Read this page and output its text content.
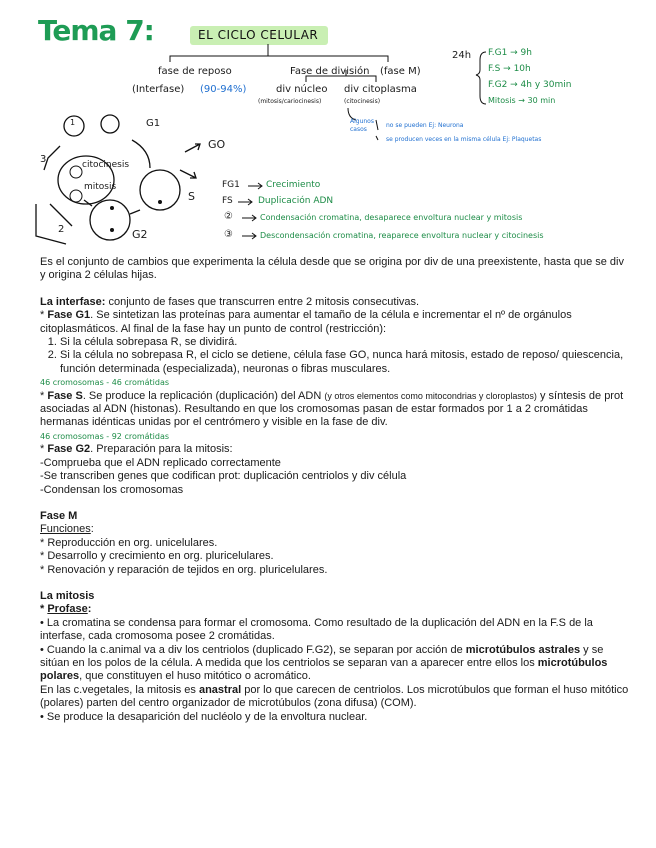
Tema 7:	EL CICLO CELULAR
fase de reposo
(Interfase) (90-94%)
Fase de división (fase M)
div núcleo
(mitosis/cariocinesis)
div citoplasma
(citocinesis)
Algunos casos
no se pueden Ej: Neurona
se producen veces en la misma célula Ej: Plaquetas
24h F.G1 → 9h
F.S → 10h
F.G2 → 4h y 30min
Mitosis → 30 min
G1
GO
S
G2
3
2
1
citocinesis
mitosis	FG1	Crecimiento
FS	Duplicación ADN
②	Condensación cromatina, desaparece envoltura nuclear y mitosis
③	Descondensación cromatina, reaparece envoltura nuclear y citocinesis

Es el conjunto de cambios que experimenta la célula desde que se origina por div de una preexistente, hasta que se div y origina 2 células hijas.

La interfase: conjunto de fases que transcurren entre 2 mitosis consecutivas.

* Fase G1. Se sintetizan las proteínas para aumentar el tamaño de la célula e incrementar el nº de orgánulos citoplasmáticos. Al final de la fase hay un punto de control (restricción):

1. Si la célula sobrepasa R, se dividirá.
2. Si la célula no sobrepasa R, el ciclo se detiene, célula fase GO, nunca hará mitosis, estado de reposo/ quiescencia, función determinada (especializada), neuronas o fibras musculares.

46 cromosomas - 46 cromátidas

* Fase S. Se produce la replicación (duplicación) del ADN (y otros elementos como mitocondrias y cloroplastos) y síntesis de prot asociadas al ADN (histonas). Resultando en que los cromosomas pasan de estar formados por 1 a 2 cromátidas hermanas idénticas unidas por el centrómero y visible en la fase de div.

46 cromosomas - 92 cromátidas

* Fase G2. Preparación para la mitosis:

-Comprueba que el ADN replicado correctamente

-Se transcriben genes que codifican prot: duplicación centriolos y div célula

-Condensan los cromosomas

Fase M

Funciones:

* Reproducción en org. unicelulares.

* Desarrollo y crecimiento en org. pluricelulares.

* Renovación y reparación de tejidos en org. pluricelulares.

La mitosis

* Profase:

• La cromatina se condensa para formar el cromosoma. Como resultado de la duplicación del ADN en la F.S de la interfase, cada cromosoma posee 2 cromátidas.

• Cuando la c.animal va a div los centriolos (duplicado F.G2), se separan por acción de microtúbulos astrales y se sitúan en los polos de la célula. A medida que los centriolos se separan van a aparecer entre ellos los microtúbulos polares, que constituyen el huso mitótico o acromático.

En las c.vegetales, la mitosis es anastral por lo que carecen de centriolos. Los microtúbulos que forman el huso mitótico (polares) parten del centro organizador de microtúbulos (zona difusa) (COM).

• Se produce la desaparición del nucléolo y de la envoltura nuclear.
